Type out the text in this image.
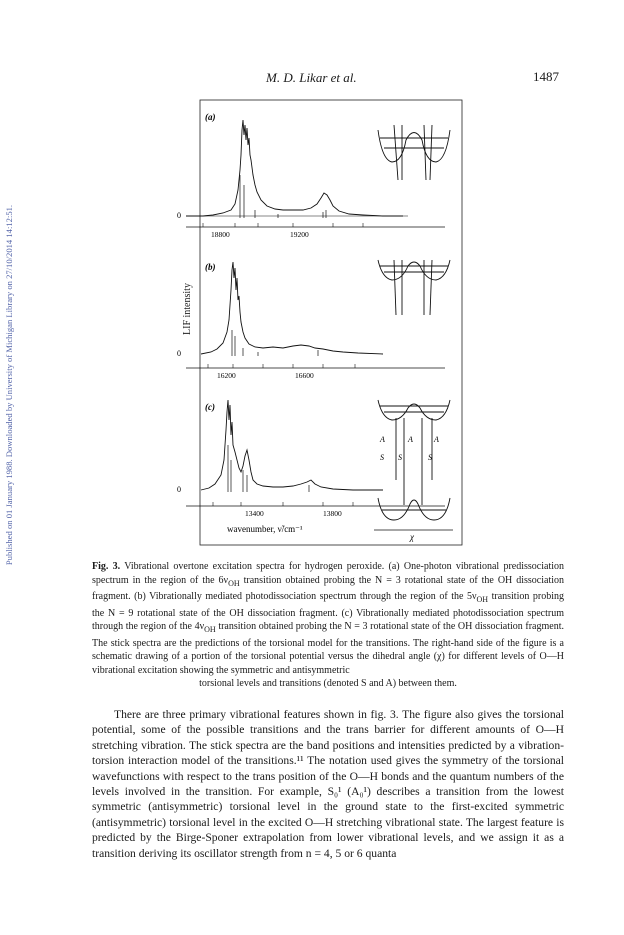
M. D. Likar et al.	1487
Published on 01 January 1988. Downloaded by University of Michigan Library on 27/10/2014 14:12:51.	LIF intensity
(a)
0
18800	19200
(b)
0
16200	16600
(c)
0
13400	13800
wavenumber, ν̃/cm⁻¹
A	A	A
S S	S
χ
Fig. 3. Vibrational overtone excitation spectra for hydrogen peroxide. (a) One-photon vibrational predissociation spectrum in the region of the $6\nu_{OH}$ transition obtained probing the N = 3 rotational state of the OH dissociation fragment. (b) Vibrationally mediated photodissociation spectrum through the region of the $5\nu_{OH}$ transition probing the N = 9 rotational state of the OH dissociation fragment. (c) Vibrationally mediated photodissociation spectrum through the region of the $4\nu_{OH}$ transition obtained probing the N = 3 rotational state of the OH dissociation fragment. The stick spectra are the predictions of the torsional model for the transitions. The right-hand side of the figure is a schematic drawing of a portion of the torsional potential versus the dihedral angle (χ) for different levels of O—H vibrational excitation showing the symmetric and antisymmetric
torsional levels and transitions (denoted S and A) between them.

There are three primary vibrational features shown in fig. 3. The figure also gives the torsional potential, some of the possible transitions and the trans barrier for different amounts of O—H stretching vibration. The stick spectra are the band positions and intensities predicted by a vibration-torsion interaction model of the transitions.¹¹ The notation used gives the symmetry of the torsional wavefunctions with respect to the trans position of the O—H bonds and the quantum numbers of the levels involved in the transition. For example, S₀¹ (A₀¹) describes a transition from the lowest symmetric (antisymmetric) torsional level in the ground state to the first-excited symmetric (antisymmetric) torsional level in the excited O—H stretching vibrational state. The largest feature is predicted by the Birge-Sponer extrapolation from lower vibrational levels, and we assign it as a transition deriving its oscillator strength from n = 4, 5 or 6 quanta
